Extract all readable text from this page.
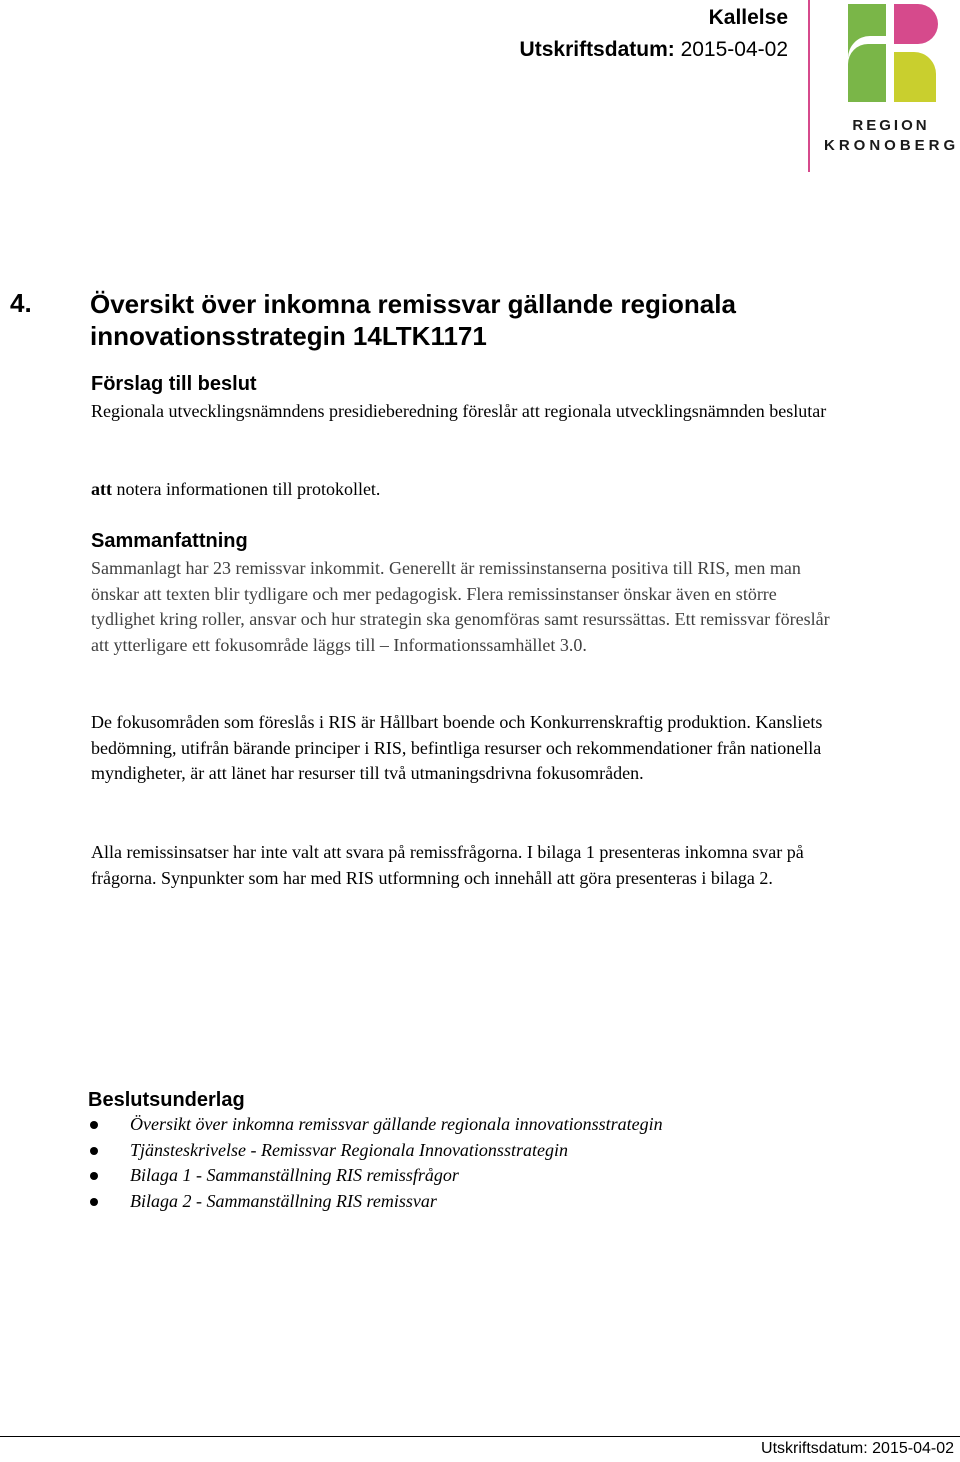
Kallelse
Utskriftsdatum: 2015-04-02
REGION
KRONOBERG
4. Översikt över inkomna remissvar gällande regionala innovationsstrategin 14LTK1171
Förslag till beslut
Regionala utvecklingsnämndens presidieberedning föreslår att regionala utvecklingsnämnden beslutar
att notera informationen till protokollet.
Sammanfattning
Sammanlagt har 23 remissvar inkommit. Generellt är remissinstanserna positiva till RIS, men man önskar att texten blir tydligare och mer pedagogisk. Flera remissinstanser önskar även en större tydlighet kring roller, ansvar och hur strategin ska genomföras samt resurssättas. Ett remissvar föreslår att ytterligare ett fokusområde läggs till – Informationssamhället 3.0.
De fokusområden som föreslås i RIS är Hållbart boende och Konkurrenskraftig produktion. Kansliets bedömning, utifrån bärande principer i RIS, befintliga resurser och rekommendationer från nationella myndigheter, är att länet har resurser till två utmaningsdrivna fokusområden.
Alla remissinsatser har inte valt att svara på remissfrågorna. I bilaga 1 presenteras inkomna svar på frågorna. Synpunkter som har med RIS utformning och innehåll att göra presenteras i bilaga 2.
Beslutsunderlag
Översikt över inkomna remissvar gällande regionala innovationsstrategin
Tjänsteskrivelse - Remissvar Regionala Innovationsstrategin
Bilaga 1 - Sammanställning RIS remissfrågor
Bilaga 2 - Sammanställning RIS remissvar
Utskriftsdatum: 2015-04-02
